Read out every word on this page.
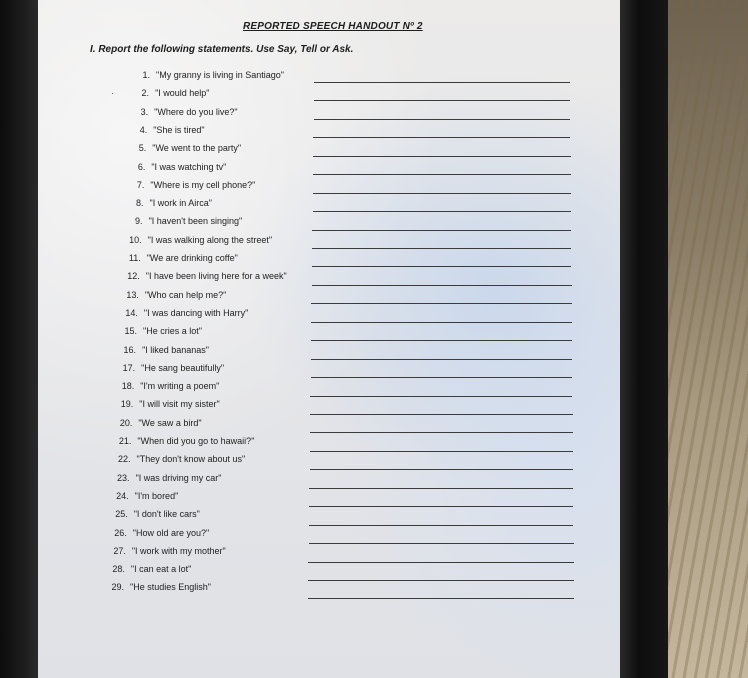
REPORTED SPEECH HANDOUT Nº 2

I. Report the following statements. Use Say, Tell or Ask.

1. "My granny is living in Santiago"
·	2. "I would help"
3. "Where do you live?"
4. "She is tired"
5. "We went to the party"
6. "I was watching tv"
7. "Where is my cell phone?"
8. "I work in Airca"
9. "I haven't been singing"
10. "I was walking along the street"
11. "We are drinking coffe"
12. "I have been living here for a week"
13. "Who can help me?"
14. "I was dancing with Harry"
15. "He cries a lot"
16. "I liked bananas"
17. "He sang beautifully"
18. "I'm writing a poem"
19. "I will visit my sister"
20. "We saw a bird"
21. "When did you go to hawaii?"
22. "They don't know about us"
23. "I was driving my car"
24. "I'm bored"
25. "I don't like cars"
26. "How old are you?"
27. "I work with my mother"
28. "I can eat a lot"
29. "He studies English"
